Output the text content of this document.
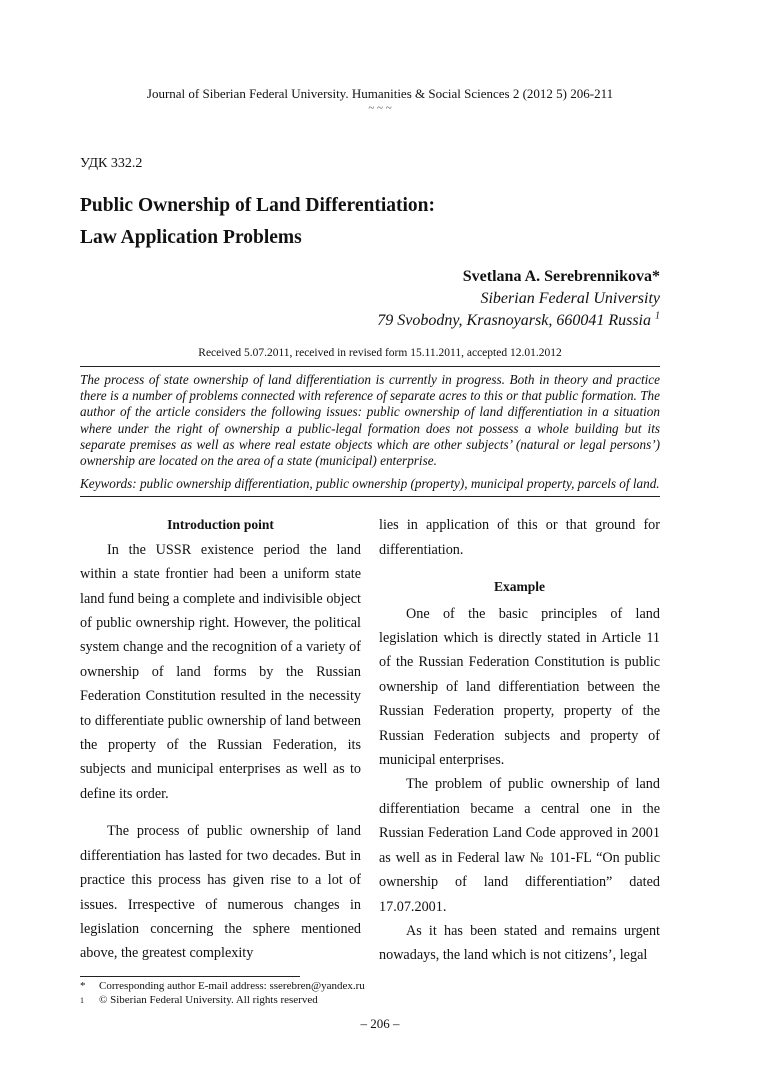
Journal of Siberian Federal University. Humanities & Social Sciences 2 (2012 5) 206-211
~ ~ ~
УДК 332.2
Public Ownership of Land Differentiation:
Law Application Problems
Svetlana A. Serebrennikova*
Siberian Federal University
79 Svobodny, Krasnoyarsk, 660041 Russia $^1$
Received 5.07.2011, received in revised form 15.11.2011, accepted 12.01.2012

The process of state ownership of land differentiation is currently in progress. Both in theory and practice there is a number of problems connected with reference of separate acres to this or that public formation. The author of the article considers the following issues: public ownership of land differentiation in a situation where under the right of ownership a public-legal formation does not possess a whole building but its separate premises as well as where real estate objects which are other subjects’ (natural or legal persons’) ownership are located on the area of a state (municipal) enterprise.

Keywords: public ownership differentiation, public ownership (property), municipal property, parcels of land.

Introduction point

In the USSR existence period the land within a state frontier had been a uniform state land fund being a complete and indivisible object of public ownership right. However, the political system change and the recognition of a variety of ownership of land forms by the Russian Federation Constitution resulted in the necessity to differentiate public ownership of land between the property of the Russian Federation, its subjects and municipal enterprises as well as to define its order.

The process of public ownership of land differentiation has lasted for two decades. But in practice this process has given rise to a lot of issues. Irrespective of numerous changes in legislation concerning the sphere mentioned above, the greatest complexity

lies in application of this or that ground for differentiation.

Example

One of the basic principles of land legislation which is directly stated in Article 11 of the Russian Federation Constitution is public ownership of land differentiation between the Russian Federation property, property of the Russian Federation subjects and property of municipal enterprises.

The problem of public ownership of land differentiation became a central one in the Russian Federation Land Code approved in 2001 as well as in Federal law № 101-FL “On public ownership of land differentiation” dated 17.07.2001.

As it has been stated and remains urgent nowadays, the land which is not citizens’, legal

* Corresponding author E-mail address: sserebren@yandex.ru
1 © Siberian Federal University. All rights reserved
– 206 –
